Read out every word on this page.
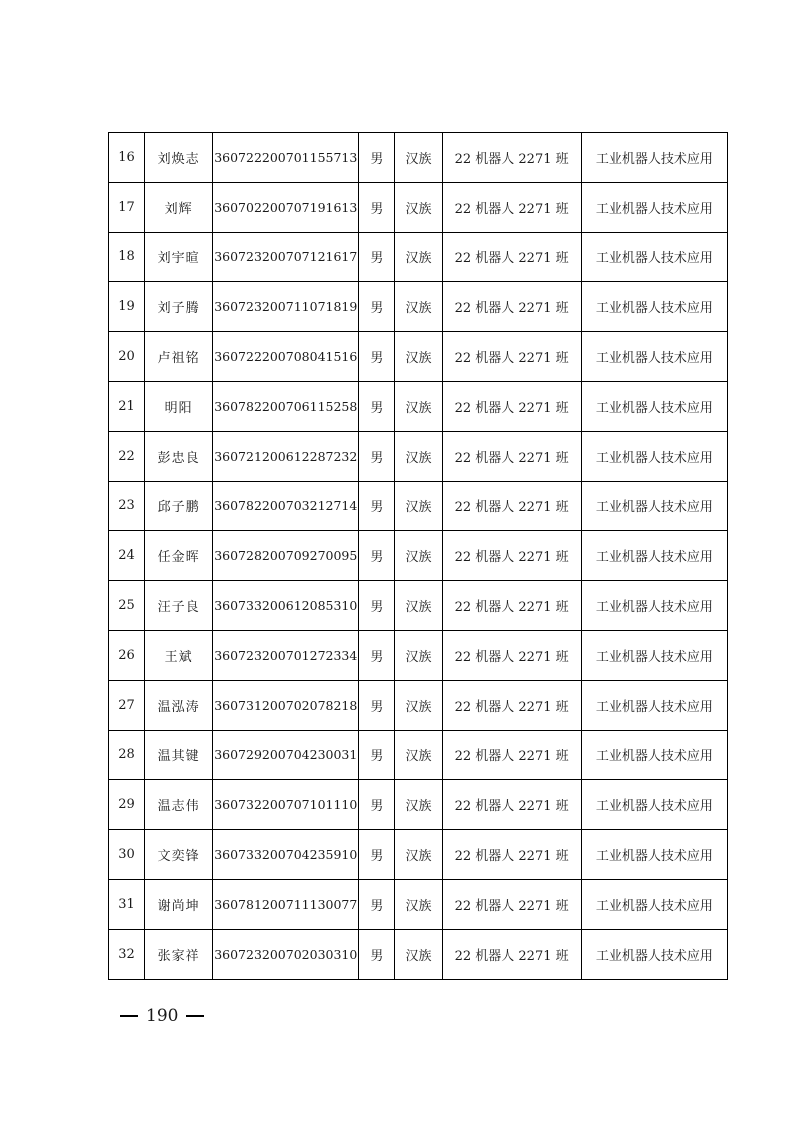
16	刘焕志	360722200701155713	男	汉族	22 机器人 2271 班	工业机器人技术应用
17	刘辉	360702200707191613	男	汉族	22 机器人 2271 班	工业机器人技术应用
18	刘宇暄	360723200707121617	男	汉族	22 机器人 2271 班	工业机器人技术应用
19	刘子腾	360723200711071819	男	汉族	22 机器人 2271 班	工业机器人技术应用
20	卢祖铭	360722200708041516	男	汉族	22 机器人 2271 班	工业机器人技术应用
21	明阳	360782200706115258	男	汉族	22 机器人 2271 班	工业机器人技术应用
22	彭忠良	360721200612287232	男	汉族	22 机器人 2271 班	工业机器人技术应用
23	邱子鹏	360782200703212714	男	汉族	22 机器人 2271 班	工业机器人技术应用
24	任金晖	360728200709270095	男	汉族	22 机器人 2271 班	工业机器人技术应用
25	汪子良	360733200612085310	男	汉族	22 机器人 2271 班	工业机器人技术应用
26	王斌	360723200701272334	男	汉族	22 机器人 2271 班	工业机器人技术应用
27	温泓涛	360731200702078218	男	汉族	22 机器人 2271 班	工业机器人技术应用
28	温其键	360729200704230031	男	汉族	22 机器人 2271 班	工业机器人技术应用
29	温志伟	360732200707101110	男	汉族	22 机器人 2271 班	工业机器人技术应用
30	文奕锋	360733200704235910	男	汉族	22 机器人 2271 班	工业机器人技术应用
31	谢尚坤	360781200711130077	男	汉族	22 机器人 2271 班	工业机器人技术应用
32	张家祥	360723200702030310	男	汉族	22 机器人 2271 班	工业机器人技术应用
190
